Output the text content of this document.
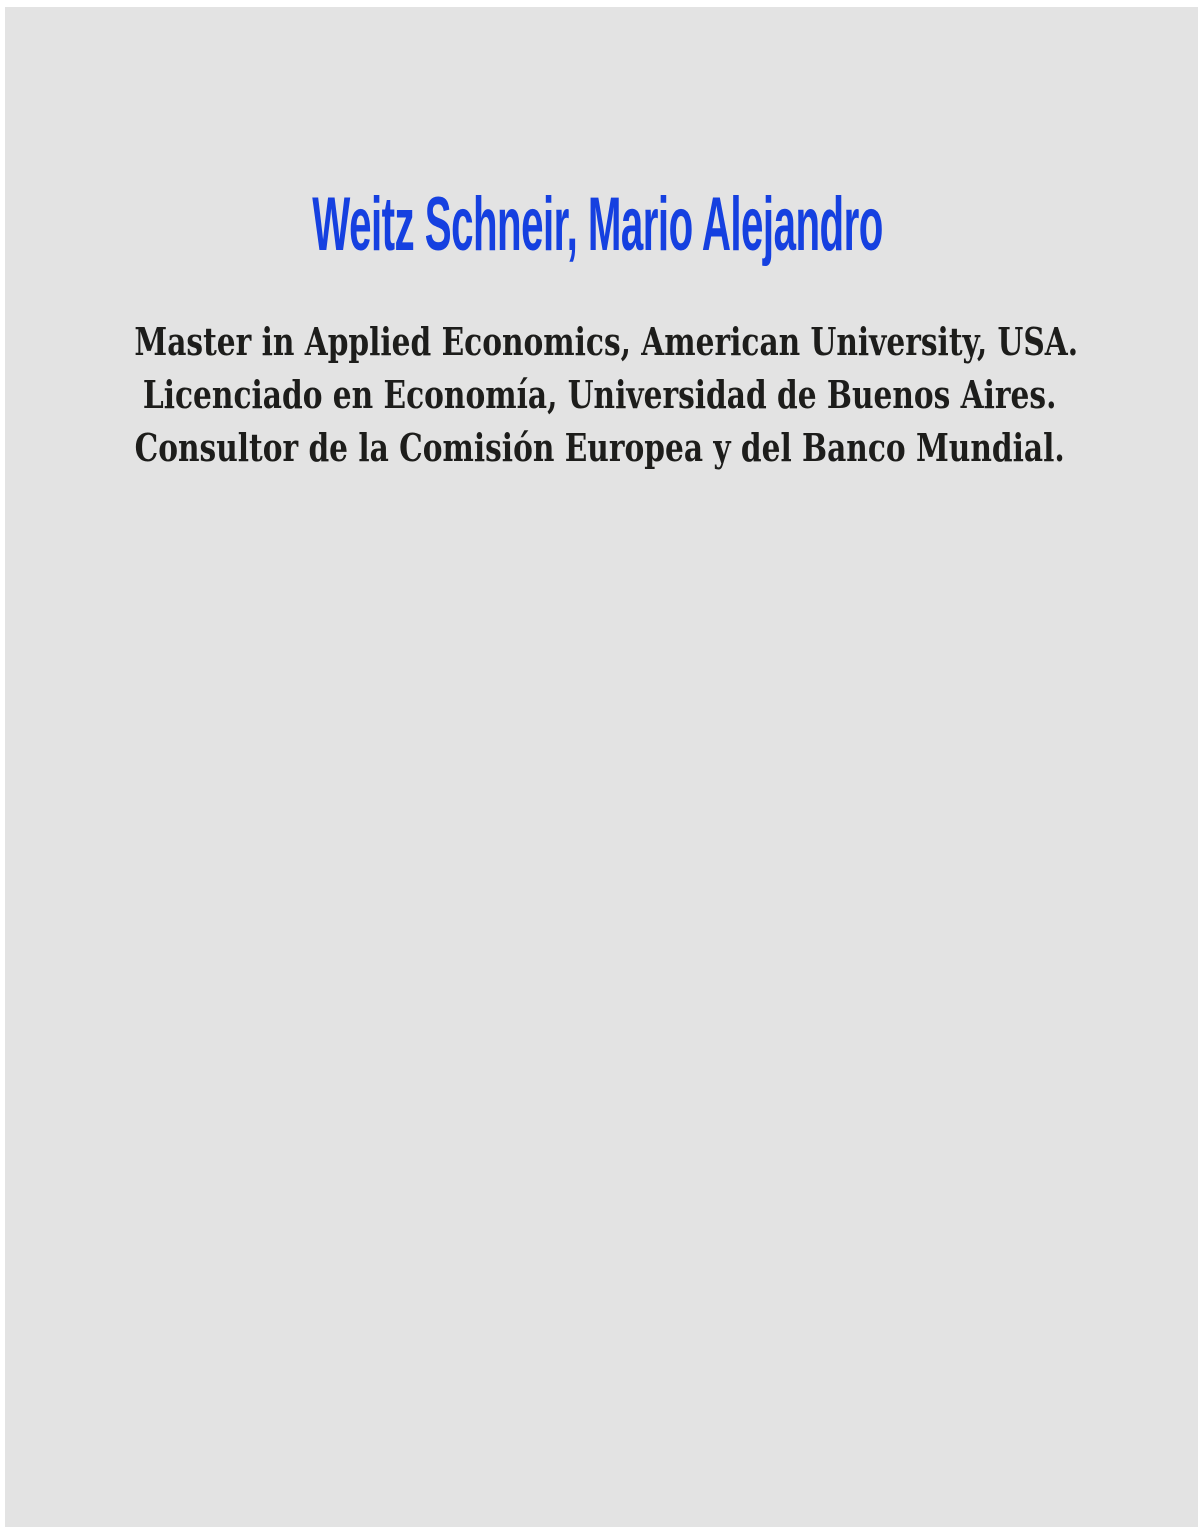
Weitz Schneir, Mario Alejandro

Master in Applied Economics, American University, USA.

Licenciado en Economía, Universidad de Buenos Aires.

Consultor de la Comisión Europea y del Banco Mundial.
